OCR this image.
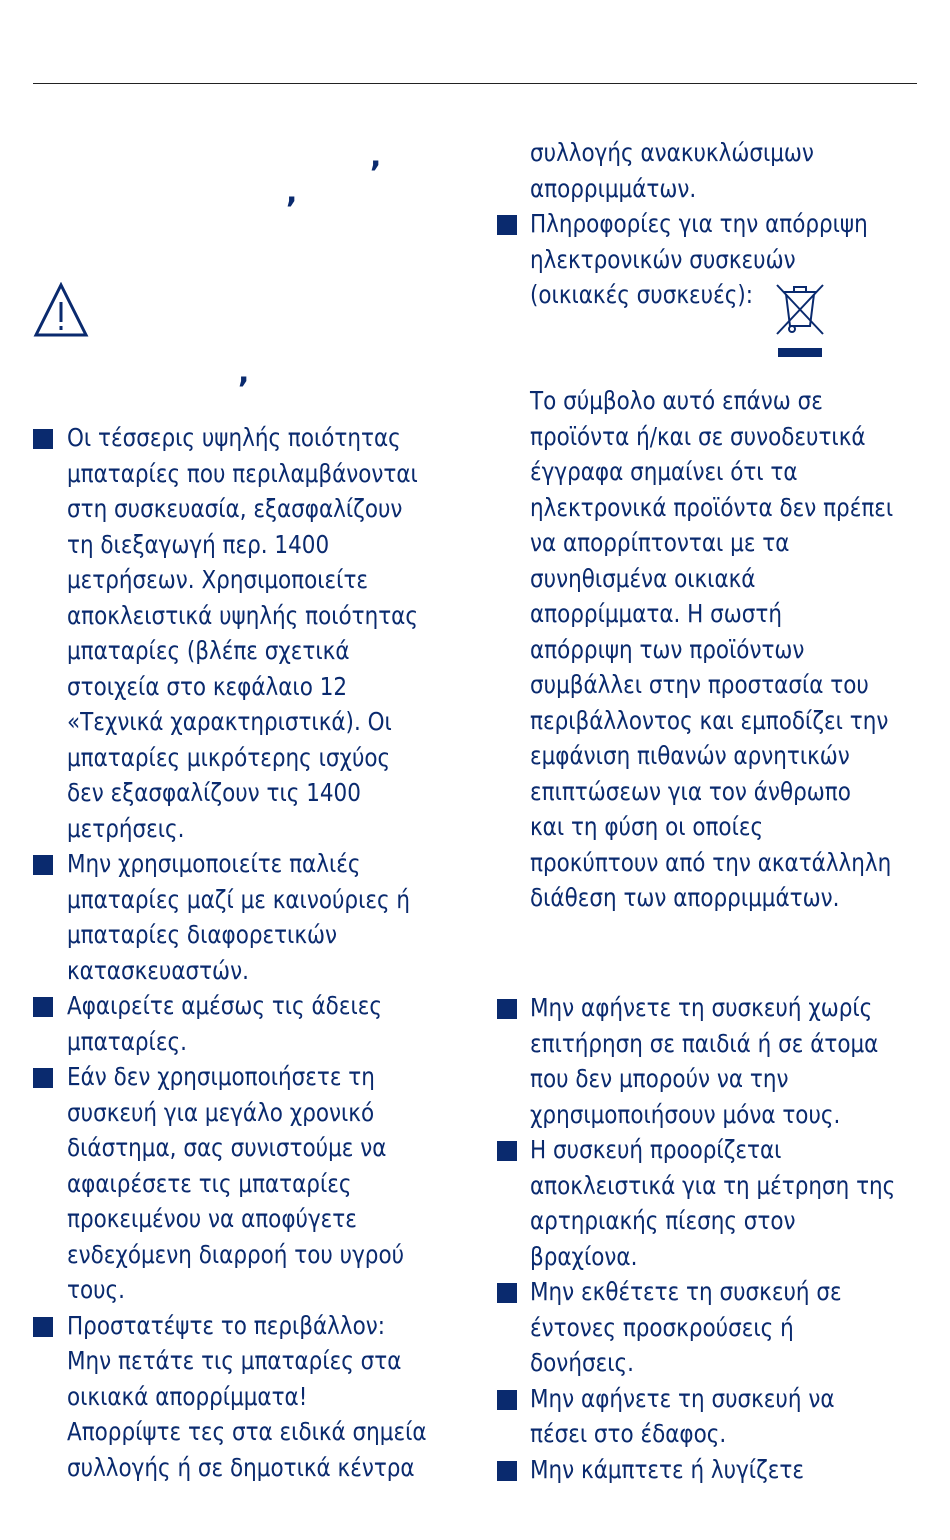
,
,
,
Οι τέσσερις υψηλής ποιότητας
μπαταρίες που περιλαμβάνονται
στη συσκευασία, εξασφαλίζουν
τη διεξαγωγή περ. 1400
μετρήσεων. Χρησιμοποιείτε
αποκλειστικά υψηλής ποιότητας
μπαταρίες (βλέπε σχετικά
στοιχεία στο κεφάλαιο 12
«Τεχνικά χαρακτηριστικά). Οι
μπαταρίες μικρότερης ισχύος
δεν εξασφαλίζουν τις 1400
μετρήσεις.
Μην χρησιμοποιείτε παλιές
μπαταρίες μαζί με καινούριες ή
μπαταρίες διαφορετικών
κατασκευαστών.
Αφαιρείτε αμέσως τις άδειες
μπαταρίες.
Εάν δεν χρησιμοποιήσετε τη
συσκευή για μεγάλο χρονικό
διάστημα, σας συνιστούμε να
αφαιρέσετε τις μπαταρίες
προκειμένου να αποφύγετε
ενδεχόμενη διαρροή του υγρού
τους.
Προστατέψτε το περιβάλλον:
Μην πετάτε τις μπαταρίες στα
οικιακά απορρίμματα!
Απορρίψτε τες στα ειδικά σημεία
συλλογής ή σε δημοτικά κέντρα
συλλογής ανακυκλώσιμων
απορριμμάτων.
Πληροφορίες για την απόρριψη
ηλεκτρονικών συσκευών
(οικιακές συσκευές):
Το σύμβολο αυτό επάνω σε
προϊόντα ή/και σε συνοδευτικά
έγγραφα σημαίνει ότι τα
ηλεκτρονικά προϊόντα δεν πρέπει
να απορρίπτονται με τα
συνηθισμένα οικιακά
απορρίμματα. Η σωστή
απόρριψη των προϊόντων
συμβάλλει στην προστασία του
περιβάλλοντος και εμποδίζει την
εμφάνιση πιθανών αρνητικών
επιπτώσεων για τον άνθρωπο
και τη φύση οι οποίες
προκύπτουν από την ακατάλληλη
διάθεση των απορριμμάτων.
Μην αφήνετε τη συσκευή χωρίς
επιτήρηση σε παιδιά ή σε άτομα
που δεν μπορούν να την
χρησιμοποιήσουν μόνα τους.
Η συσκευή προορίζεται
αποκλειστικά για τη μέτρηση της
αρτηριακής πίεσης στον
βραχίονα.
Μην εκθέτετε τη συσκευή σε
έντονες προσκρούσεις ή
δονήσεις.
Μην αφήνετε τη συσκευή να
πέσει στο έδαφος.
Μην κάμπτετε ή λυγίζετε
